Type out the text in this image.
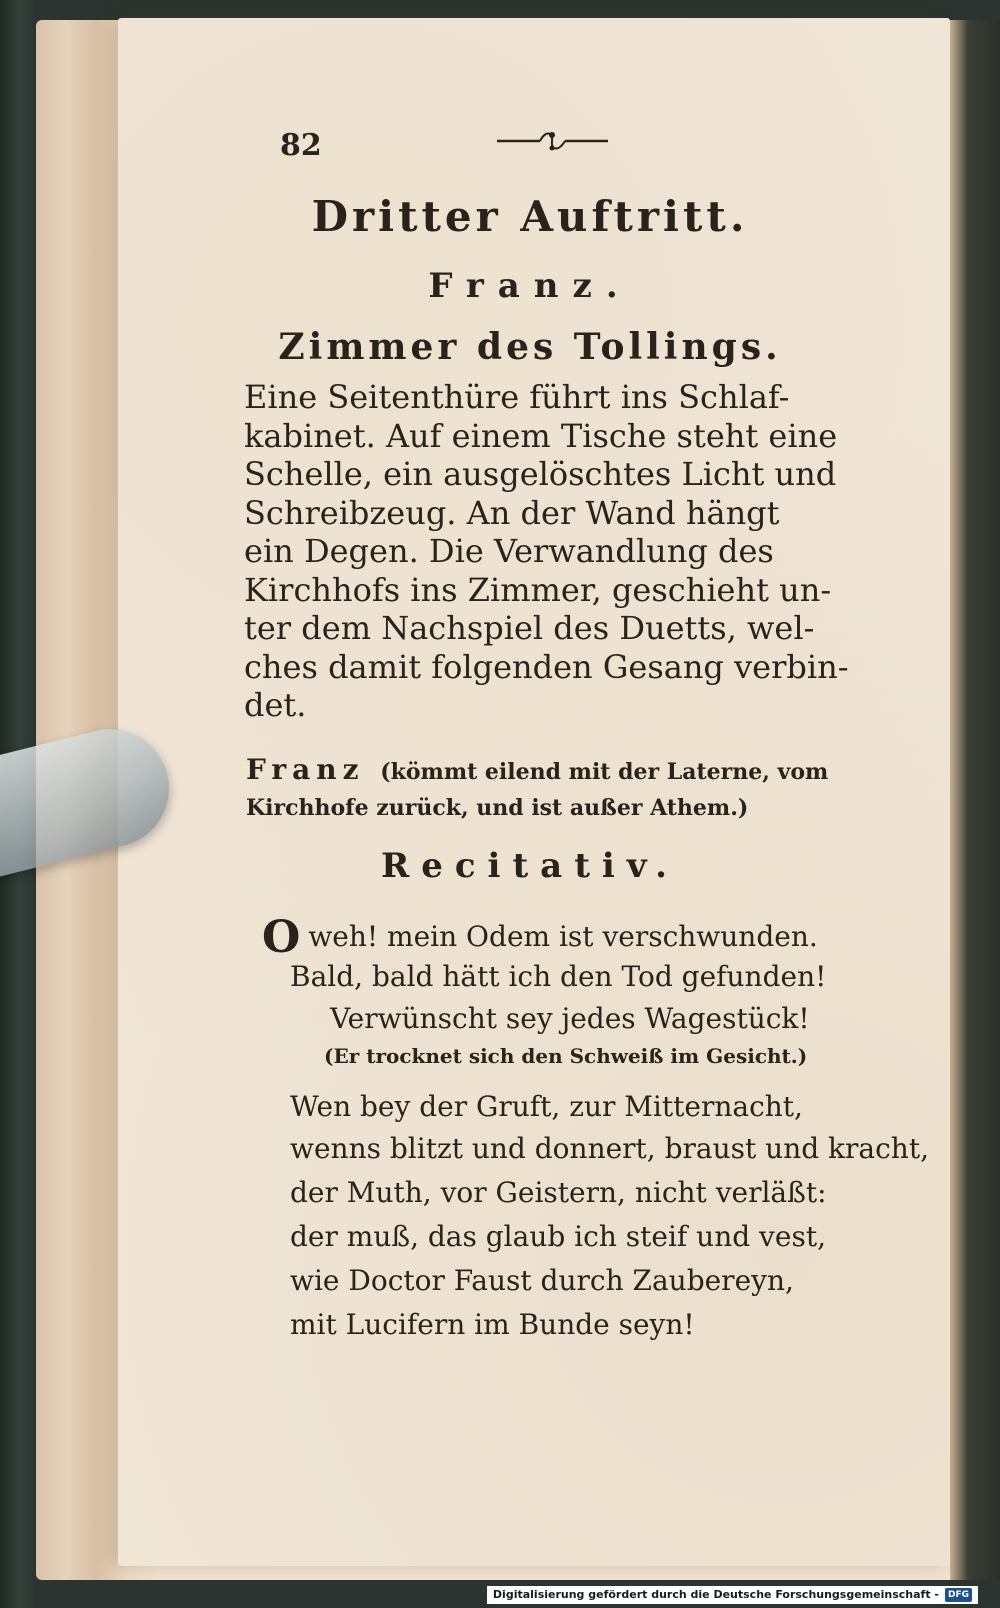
82
Dritter Auftritt.
Franz.
Zimmer des Tollings.
Eine Seitenthüre führt ins Schlaf-
kabinet. Auf einem Tische steht eine
Schelle, ein ausgelöschtes Licht und
Schreibzeug. An der Wand hängt
ein Degen. Die Verwandlung des
Kirchhofs ins Zimmer, geschieht un-
ter dem Nachspiel des Duetts, wel-
ches damit folgenden Gesang verbin-
det.
Franz (kömmt eilend mit der Laterne, vom
Kirchhofe zurück, und ist außer Athem.)
Recitativ.
Oweh! mein Odem ist verschwunden.
Bald, bald hätt ich den Tod gefunden!
Verwünscht sey jedes Wagestück!
(Er trocknet sich den Schweiß im Gesicht.)
Wen bey der Gruft, zur Mitternacht,
wenns blitzt und donnert, braust und kracht,
der Muth, vor Geistern, nicht verläßt:
der muß, das glaub ich steif und vest,
wie Doctor Faust durch Zaubereyn,
mit Lucifern im Bunde seyn!
Digitalisierung gefördert durch die Deutsche Forschungsgemeinschaft -	DFG
